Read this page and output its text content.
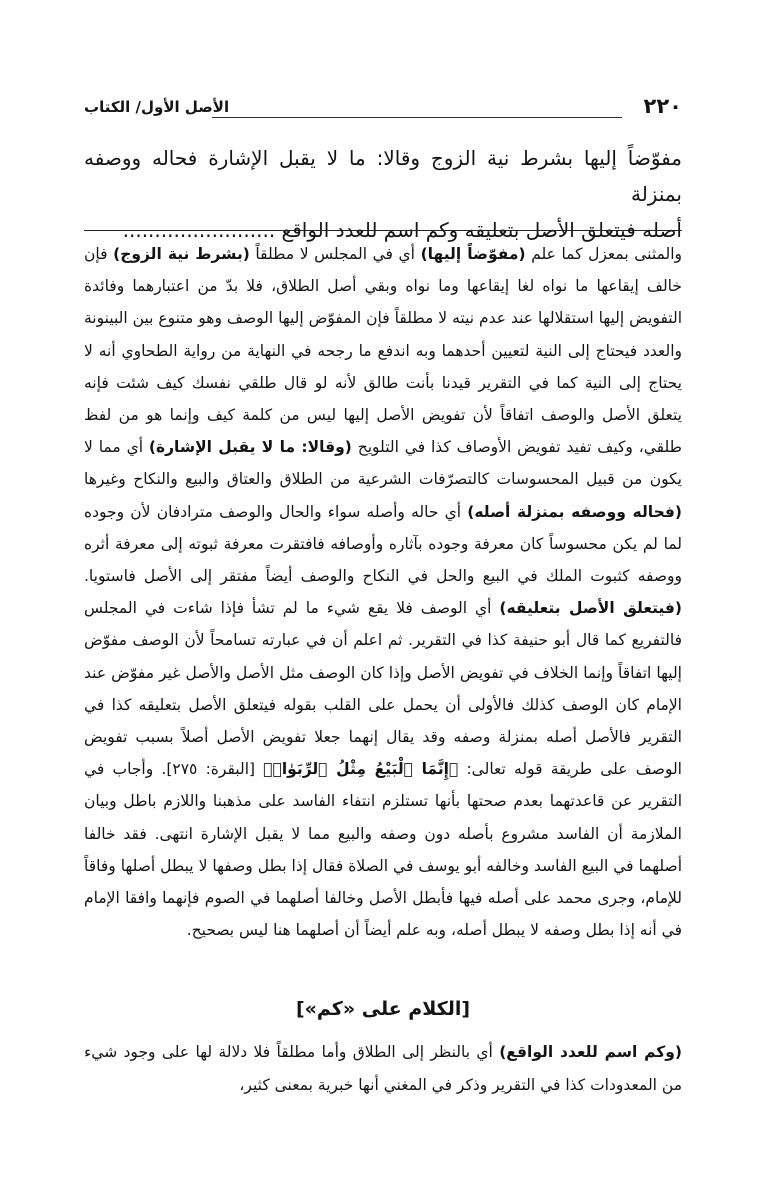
الأصل الأول/ الكتاب	٢٢٠
مفوّضاً إليها بشرط نية الزوج وقالا: ما لا يقبل الإشارة فحاله ووصفه بمنزلة
أصله فيتعلق الأصل بتعليقه وكم اسم للعدد الواقع ........................
والمثنى بمعزل كما علم (مفوّضاً إليها) أي في المجلس لا مطلقاً (بشرط نية الزوج) فإن خالف إيقاعها ما نواه لغا إيقاعها وما نواه وبقي أصل الطلاق، فلا بدّ من اعتبارهما وفائدة التفويض إليها استقلالها عند عدم نيته لا مطلقاً فإن المفوّض إليها الوصف وهو متنوع بين البينونة والعدد فيحتاج إلى النية لتعيين أحدهما وبه اندفع ما رجحه في النهاية من رواية الطحاوي أنه لا يحتاج إلى النية كما في التقرير قيدنا بأنت طالق لأنه لو قال طلقي نفسك كيف شئت فإنه يتعلق الأصل والوصف اتفاقاً لأن تفويض الأصل إليها ليس من كلمة كيف وإنما هو من لفظ طلقي، وكيف تفيد تفويض الأوصاف كذا في التلويح (وقالا: ما لا يقبل الإشارة) أي مما لا يكون من قبيل المحسوسات كالتصرّفات الشرعية من الطلاق والعتاق والبيع والنكاح وغيرها (فحاله ووصفه بمنزلة أصله) أي حاله وأصله سواء والحال والوصف مترادفان لأن وجوده لما لم يكن محسوساً كان معرفة وجوده بآثاره وأوصافه فافتقرت معرفة ثبوته إلى معرفة أثره ووصفه كثبوت الملك في البيع والحل في النكاح والوصف أيضاً مفتقر إلى الأصل فاستويا. (فيتعلق الأصل بتعليقه) أي الوصف فلا يقع شيء ما لم تشأ فإذا شاءت في المجلس فالتفريع كما قال أبو حنيفة كذا في التقرير. ثم اعلم أن في عبارته تسامحاً لأن الوصف مفوّض إليها اتفاقاً وإنما الخلاف في تفويض الأصل وإذا كان الوصف مثل الأصل والأصل غير مفوّض عند الإمام كان الوصف كذلك فالأولى أن يحمل على القلب بقوله فيتعلق الأصل بتعليقه كذا في التقرير فالأصل أصله بمنزلة وصفه وقد يقال إنهما جعلا تفويض الأصل أصلاً بسبب تفويض الوصف على طريقة قوله تعالى: ﴿إِنَّمَا ٱلْبَيْعُ مِثْلُ ٱلرِّبَوٰا۟﴾ [البقرة: ٢٧٥]. وأجاب في التقرير عن قاعدتهما بعدم صحتها بأنها تستلزم انتفاء الفاسد على مذهبنا واللازم باطل وبيان الملازمة أن الفاسد مشروع بأصله دون وصفه والبيع مما لا يقبل الإشارة انتهى. فقد خالفا أصلهما في البيع الفاسد وخالفه أبو يوسف في الصلاة فقال إذا بطل وصفها لا يبطل أصلها وفاقاً للإمام، وجرى محمد على أصله فيها فأبطل الأصل وخالفا أصلهما في الصوم فإنهما وافقا الإمام في أنه إذا بطل وصفه لا يبطل أصله، وبه علم أيضاً أن أصلهما هنا ليس بصحيح.
[الكلام على «كم»]
(وكم اسم للعدد الواقع) أي بالنظر إلى الطلاق وأما مطلقاً فلا دلالة لها على وجود شيء من المعدودات كذا في التقرير وذكر في المغني أنها خبرية بمعنى كثير،
